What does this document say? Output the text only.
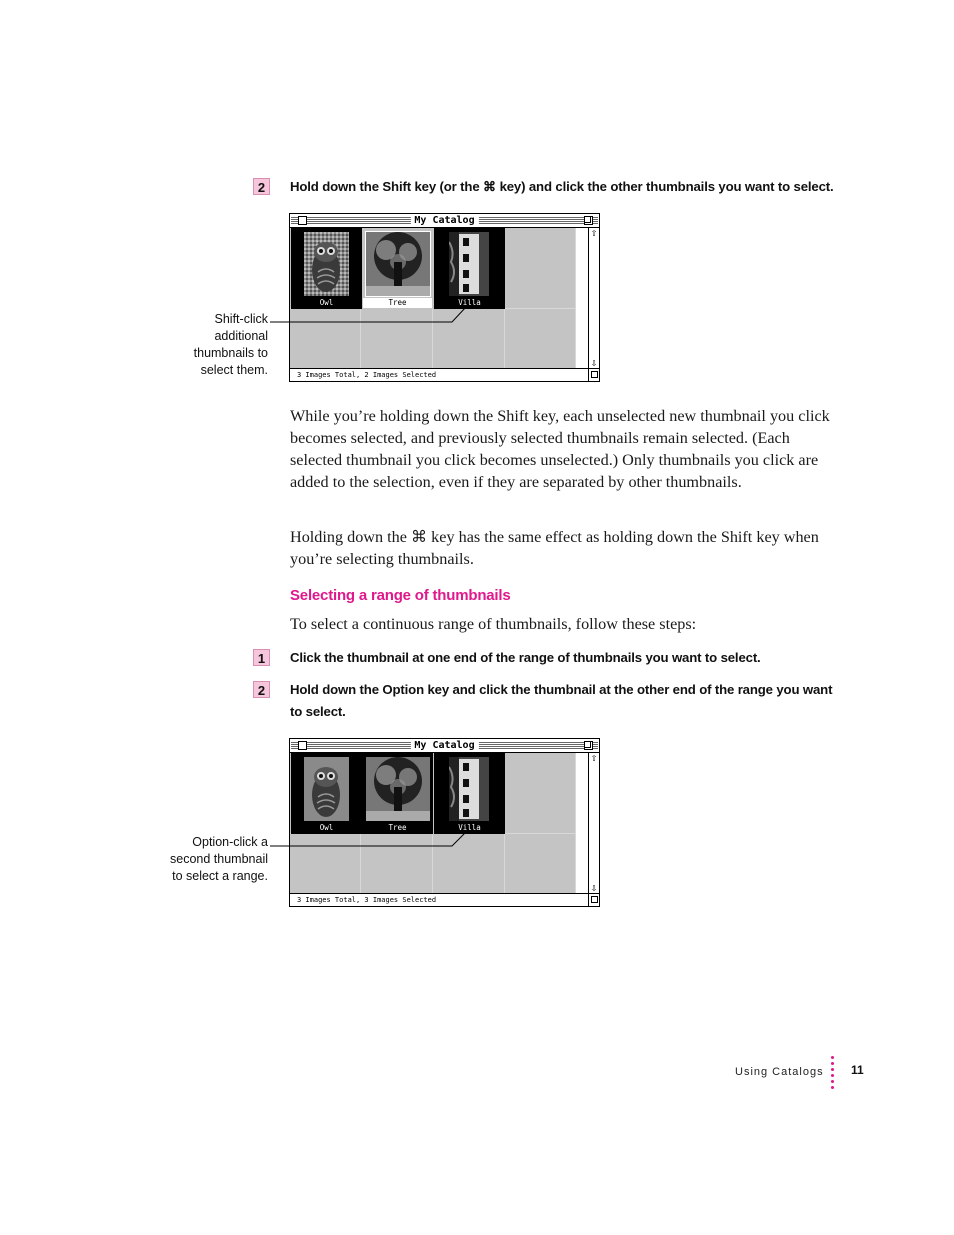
2	Hold down the Shift key (or the ⌘ key) and click the other thumbnails you want to select.
My Catalog
Owl	Tree	Villa
⇧
⇩
3 Images Total, 2 Images Selected
Shift-click
additional
thumbnails to
select them.
While you’re holding down the Shift key, each unselected new thumbnail you click becomes selected, and previously selected thumbnails remain selected. (Each selected thumbnail you click becomes unselected.) Only thumbnails you click are added to the selection, even if they are separated by other thumbnails.
Holding down the ⌘ key has the same effect as holding down the Shift key when you’re selecting thumbnails.
Selecting a range of thumbnails
To select a continuous range of thumbnails, follow these steps:
1	Click the thumbnail at one end of the range of thumbnails you want to select.
2	Hold down the Option key and click the thumbnail at the other end of the range you want to select.
My Catalog
Owl	Tree	Villa
⇧
⇩
3 Images Total, 3 Images Selected
Option-click a
second thumbnail
to select a range.
Using Catalogs 11
